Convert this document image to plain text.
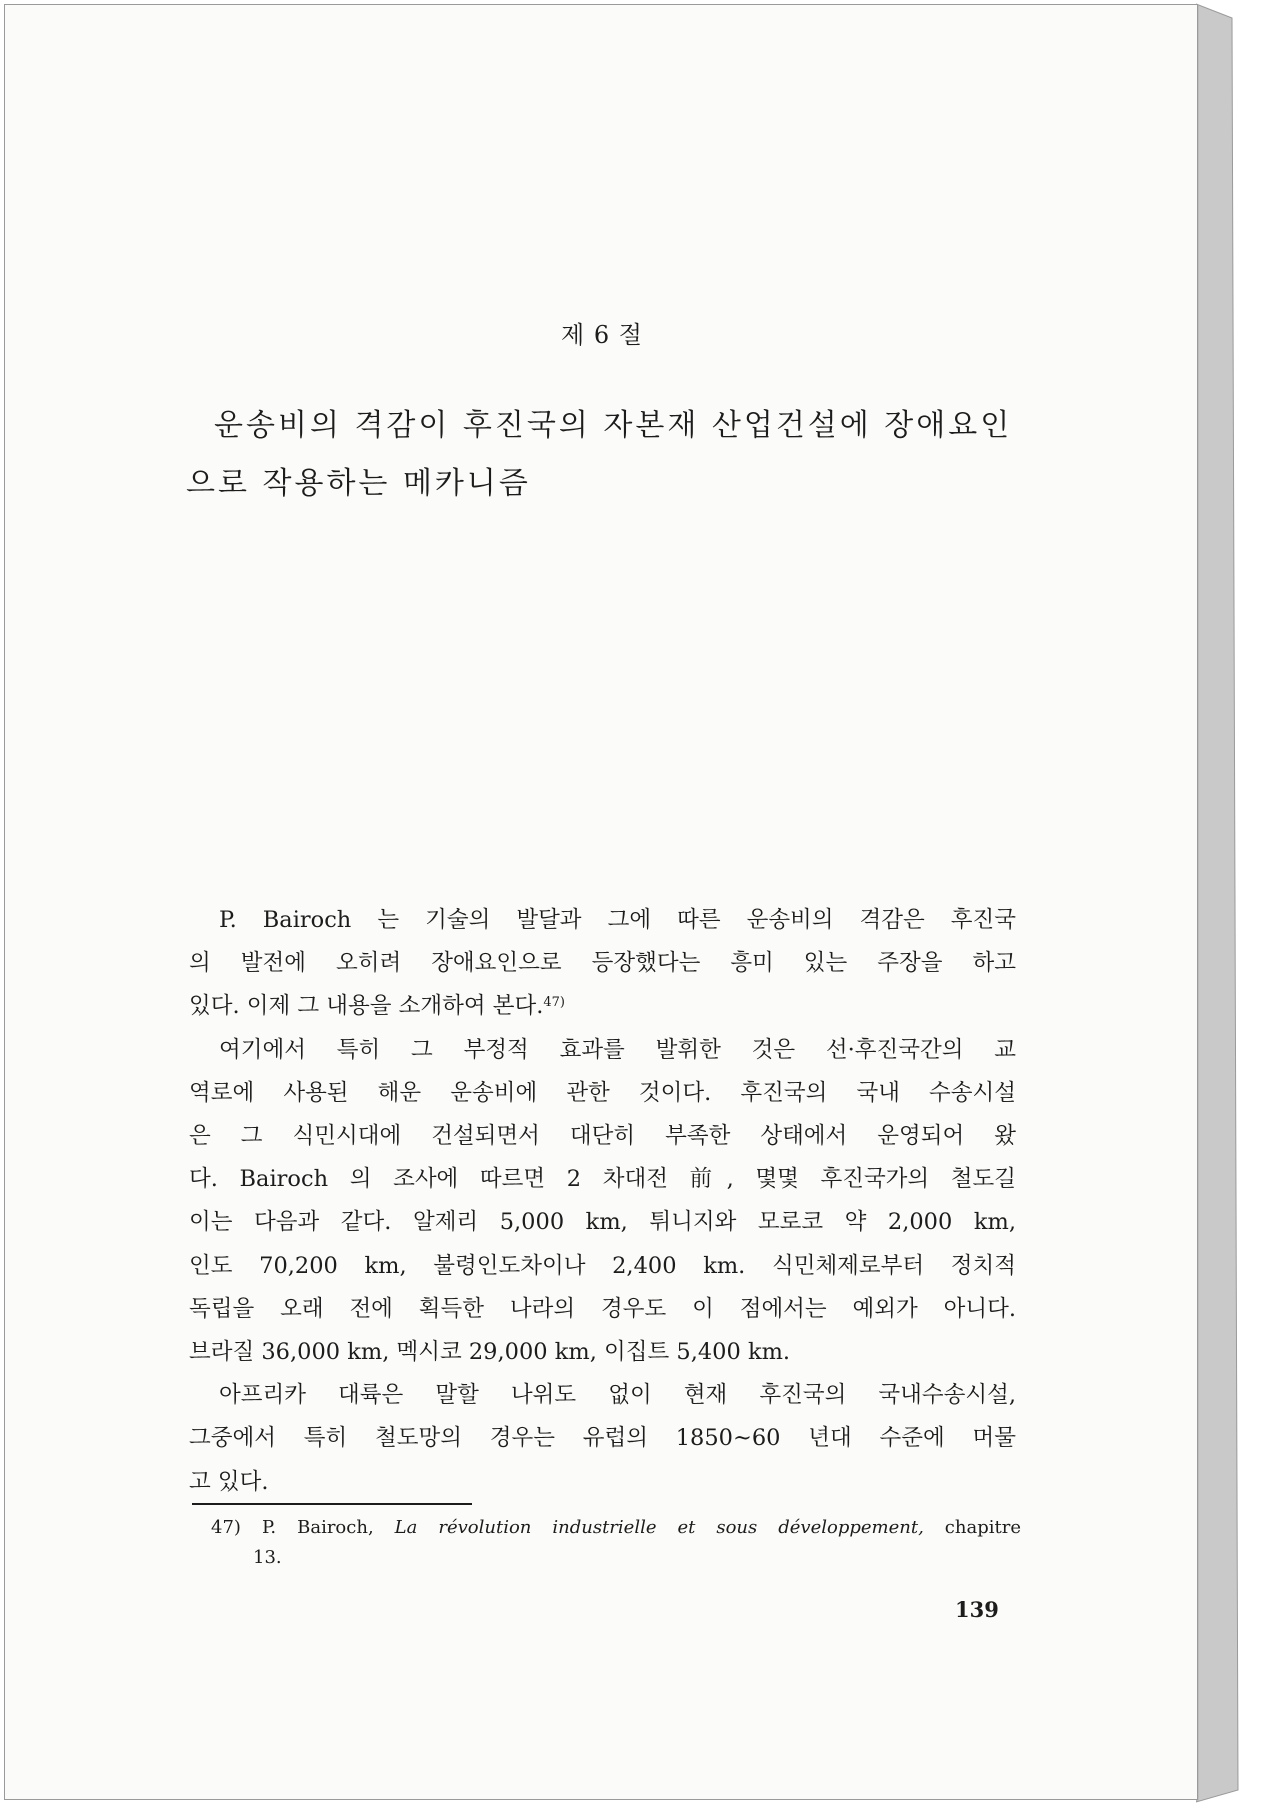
제 6 절
운송비의 격감이 후진국의 자본재 산업건설에 장애요인
으로 작용하는 메카니즘
P. Bairoch 는 기술의 발달과 그에 따른 운송비의 격감은 후진국
의 발전에 오히려 장애요인으로 등장했다는 흥미 있는 주장을 하고
있다. 이제 그 내용을 소개하여 본다.$^{47)}$
여기에서 특히 그 부정적 효과를 발휘한 것은 선·후진국간의 교
역로에 사용된 해운 운송비에 관한 것이다. 후진국의 국내 수송시설
은 그 식민시대에 건설되면서 대단히 부족한 상태에서 운영되어 왔
다. Bairoch 의 조사에 따르면 2 차대전 前, 몇몇 후진국가의 철도길
이는 다음과 같다. 알제리 5,000 km, 튀니지와 모로코 약 2,000 km,
인도 70,200 km, 불령인도차이나 2,400 km. 식민체제로부터 정치적
독립을 오래 전에 획득한 나라의 경우도 이 점에서는 예외가 아니다.
브라질 36,000 km, 멕시코 29,000 km, 이집트 5,400 km.
아프리카 대륙은 말할 나위도 없이 현재 후진국의 국내수송시설,
그중에서 특히 철도망의 경우는 유럽의 1850~60 년대 수준에 머물
고 있다.
47) P. Bairoch, La révolution industrielle et sous développement, chapitre
13.
139
